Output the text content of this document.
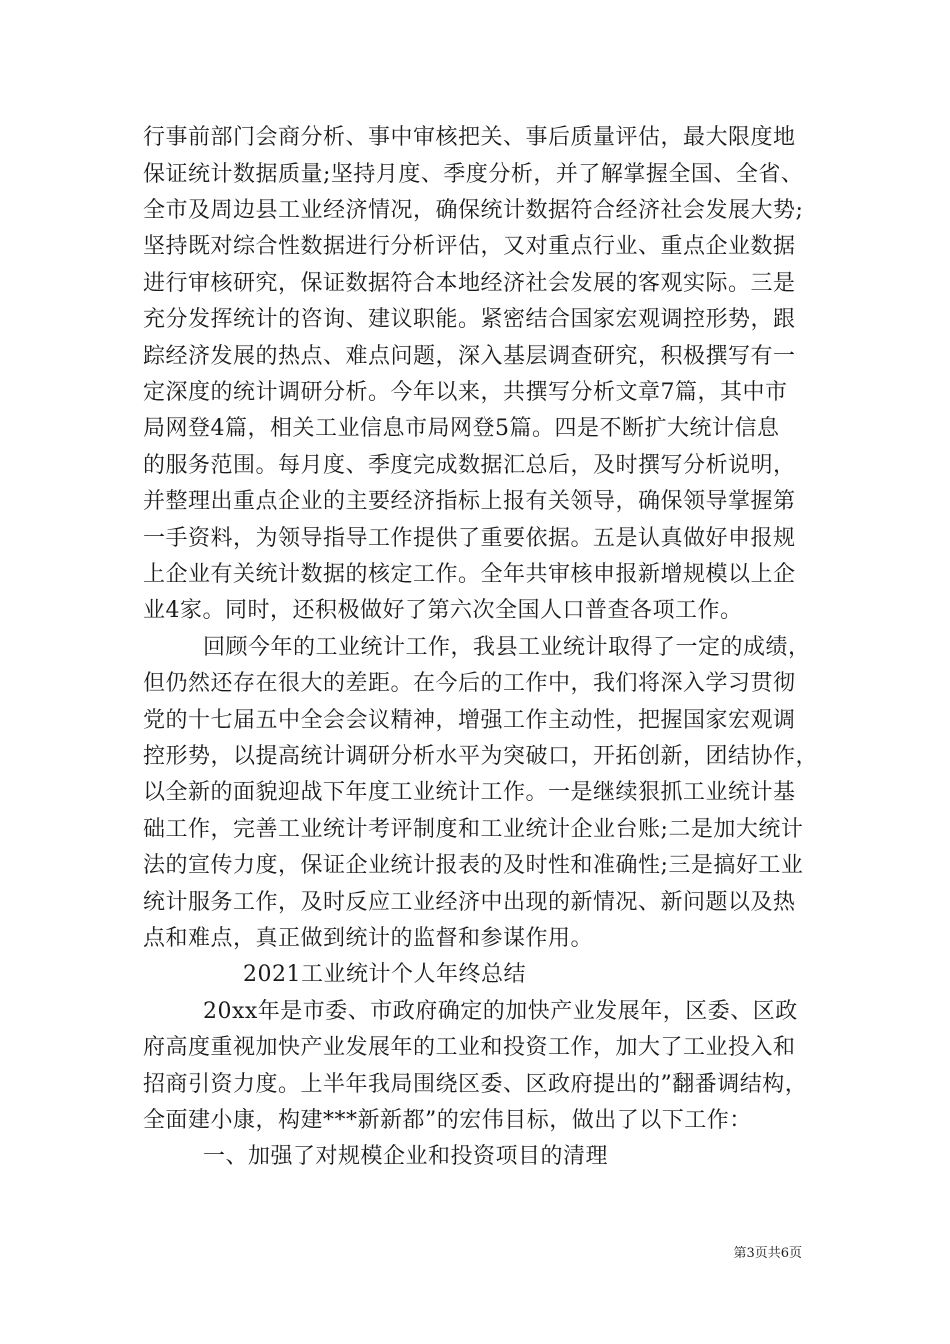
行事前部门会商分析、事中审核把关、事后质量评估，最大限度地
保证统计数据质量;坚持月度、季度分析，并了解掌握全国、全省、
全市及周边县工业经济情况，确保统计数据符合经济社会发展大势;
坚持既对综合性数据进行分析评估，又对重点行业、重点企业数据
进行审核研究，保证数据符合本地经济社会发展的客观实际。三是
充分发挥统计的咨询、建议职能。紧密结合国家宏观调控形势，跟
踪经济发展的热点、难点问题，深入基层调查研究，积极撰写有一
定深度的统计调研分析。今年以来，共撰写分析文章7篇，其中市
局网登4篇，相关工业信息市局网登5篇。四是不断扩大统计信息
的服务范围。每月度、季度完成数据汇总后，及时撰写分析说明，
并整理出重点企业的主要经济指标上报有关领导，确保领导掌握第
一手资料，为领导指导工作提供了重要依据。五是认真做好申报规
上企业有关统计数据的核定工作。全年共审核申报新增规模以上企
业4家。同时，还积极做好了第六次全国人口普查各项工作。
回顾今年的工业统计工作，我县工业统计取得了一定的成绩，
但仍然还存在很大的差距。在今后的工作中，我们将深入学习贯彻
党的十七届五中全会会议精神，增强工作主动性，把握国家宏观调
控形势，以提高统计调研分析水平为突破口，开拓创新，团结协作，
以全新的面貌迎战下年度工业统计工作。一是继续狠抓工业统计基
础工作，完善工业统计考评制度和工业统计企业台账;二是加大统计
法的宣传力度，保证企业统计报表的及时性和准确性;三是搞好工业
统计服务工作，及时反应工业经济中出现的新情况、新问题以及热
点和难点，真正做到统计的监督和参谋作用。
2021工业统计个人年终总结
20xx年是市委、市政府确定的加快产业发展年，区委、区政
府高度重视加快产业发展年的工业和投资工作，加大了工业投入和
招商引资力度。上半年我局围绕区委、区政府提出的”翻番调结构，
全面建小康，构建***新新都”的宏伟目标，做出了以下工作：
一、加强了对规模企业和投资项目的清理
第3页共6页
